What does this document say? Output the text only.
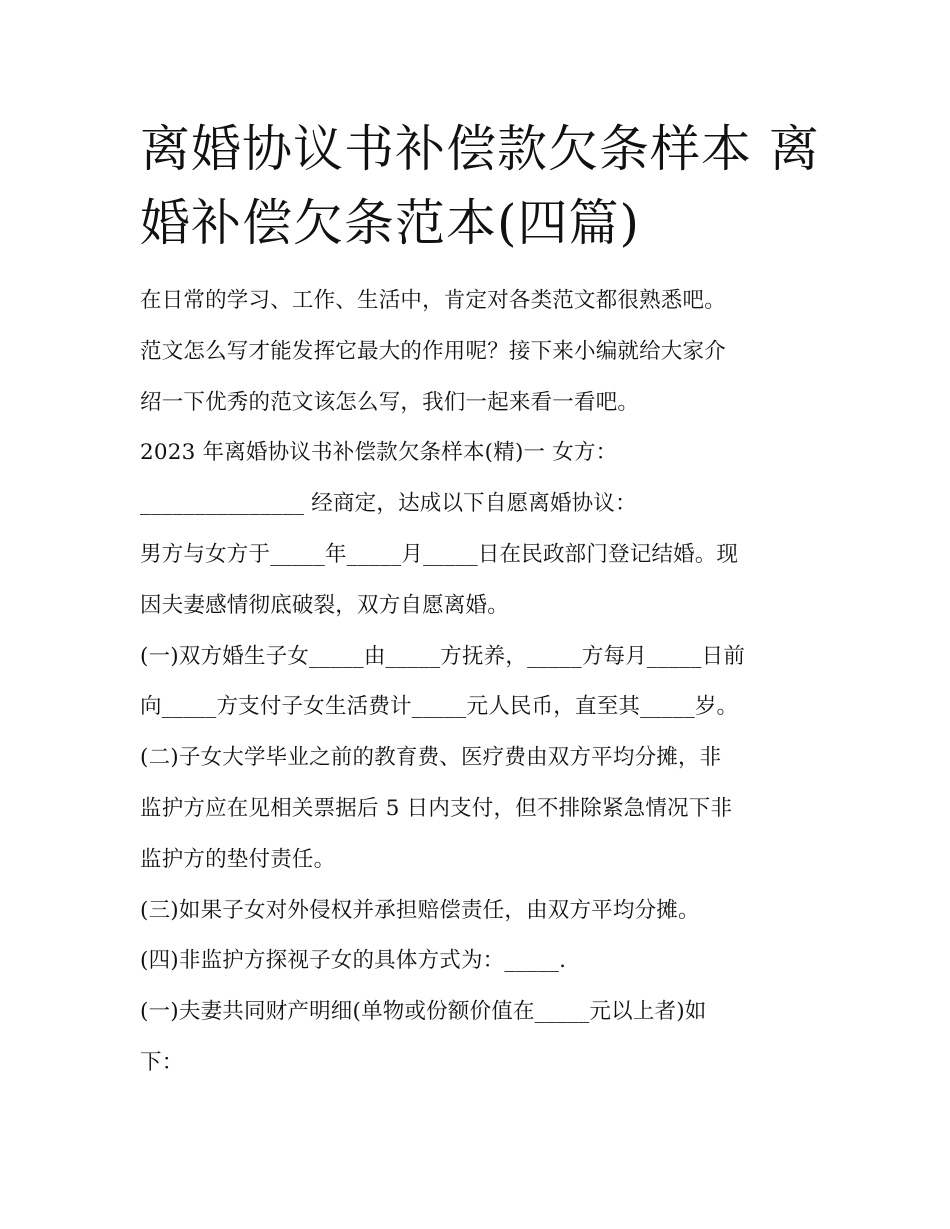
离婚协议书补偿款欠条样本 离
婚补偿欠条范本(四篇)

在日常的学习、工作、生活中，肯定对各类范文都很熟悉吧。

范文怎么写才能发挥它最大的作用呢？接下来小编就给大家介

绍一下优秀的范文该怎么写，我们一起来看一看吧。

2023 年离婚协议书补偿款欠条样本(精)一 女方：

_______________ 经商定，达成以下自愿离婚协议：

男方与女方于_____年_____月_____日在民政部门登记结婚。现

因夫妻感情彻底破裂，双方自愿离婚。

(一)双方婚生子女_____由_____方抚养，_____方每月_____日前

向_____方支付子女生活费计_____元人民币，直至其_____岁。

(二)子女大学毕业之前的教育费、医疗费由双方平均分摊，非

监护方应在见相关票据后 5 日内支付，但不排除紧急情况下非

监护方的垫付责任。

(三)如果子女对外侵权并承担赔偿责任，由双方平均分摊。

(四)非监护方探视子女的具体方式为：_____.

(一)夫妻共同财产明细(单物或份额价值在_____元以上者)如

下：
